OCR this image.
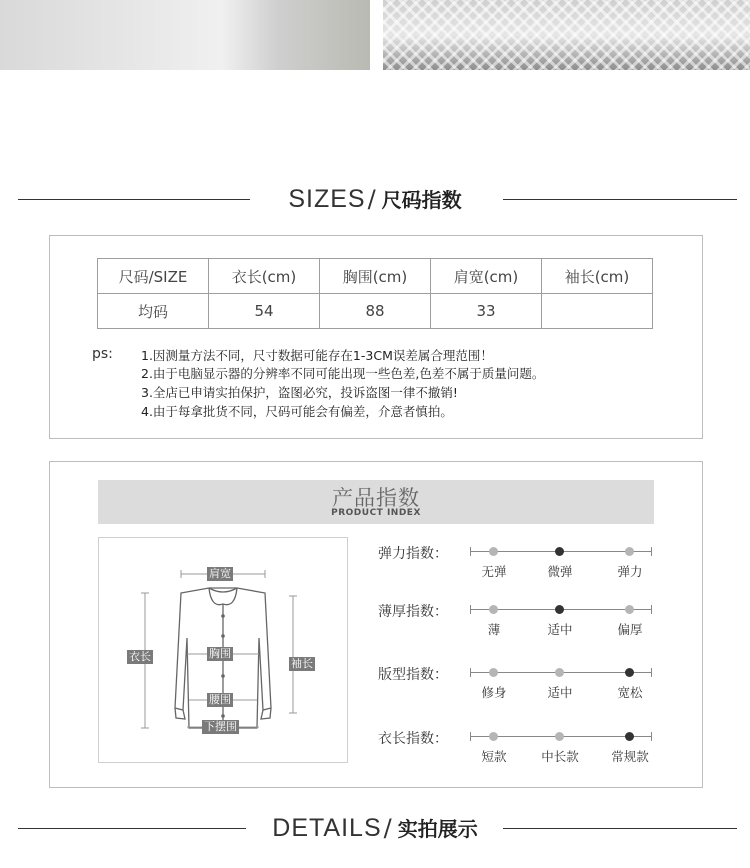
SIZES/ 尺码指数
尺码/SIZE	衣长(cm)	胸围(cm)	肩宽(cm)	袖长(cm)
均码	54	88	33	
ps: 1.因测量方法不同，尺寸数据可能存在1-3CM误差属合理范围！
2.由于电脑显示器的分辨率不同可能出现一些色差,色差不属于质量问题。
3.全店已申请实拍保护，盗图必究，投诉盗图一律不撤销!
4.由于每拿批货不同，尺码可能会有偏差，介意者慎拍。
产品指数
PRODUCT INDEX
肩宽
衣长	胸围
袖长
腰围
下摆围
弹力指数：
无弹	微弹	弹力
薄厚指数：
薄	适中	偏厚
版型指数：
修身	适中	宽松
衣长指数：
短款	中长款	常规款
DETAILS/ 实拍展示
